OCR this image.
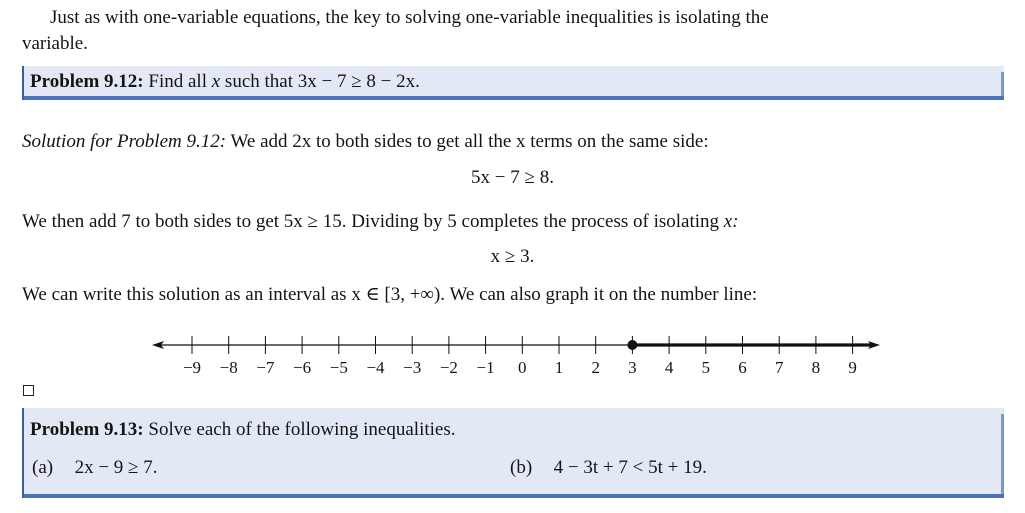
Just as with one-variable equations, the key to solving one-variable inequalities is isolating the
variable.
Problem 9.12: Find all x such that 3x − 7 ≥ 8 − 2x.
Solution for Problem 9.12: We add 2x to both sides to get all the x terms on the same side:
5x − 7 ≥ 8.
We then add 7 to both sides to get 5x ≥ 15. Dividing by 5 completes the process of isolating x:
x ≥ 3.
We can write this solution as an interval as x ∈ [3, +∞). We can also graph it on the number line:
−9 −8 −7 −6 −5 −4 −3 −2 −1 0 1 2 3 4 5 6 7 8 9
Problem 9.13: Solve each of the following inequalities.
(a) 2x − 9 ≥ 7.	(b) 4 − 3t + 7 < 5t + 19.
